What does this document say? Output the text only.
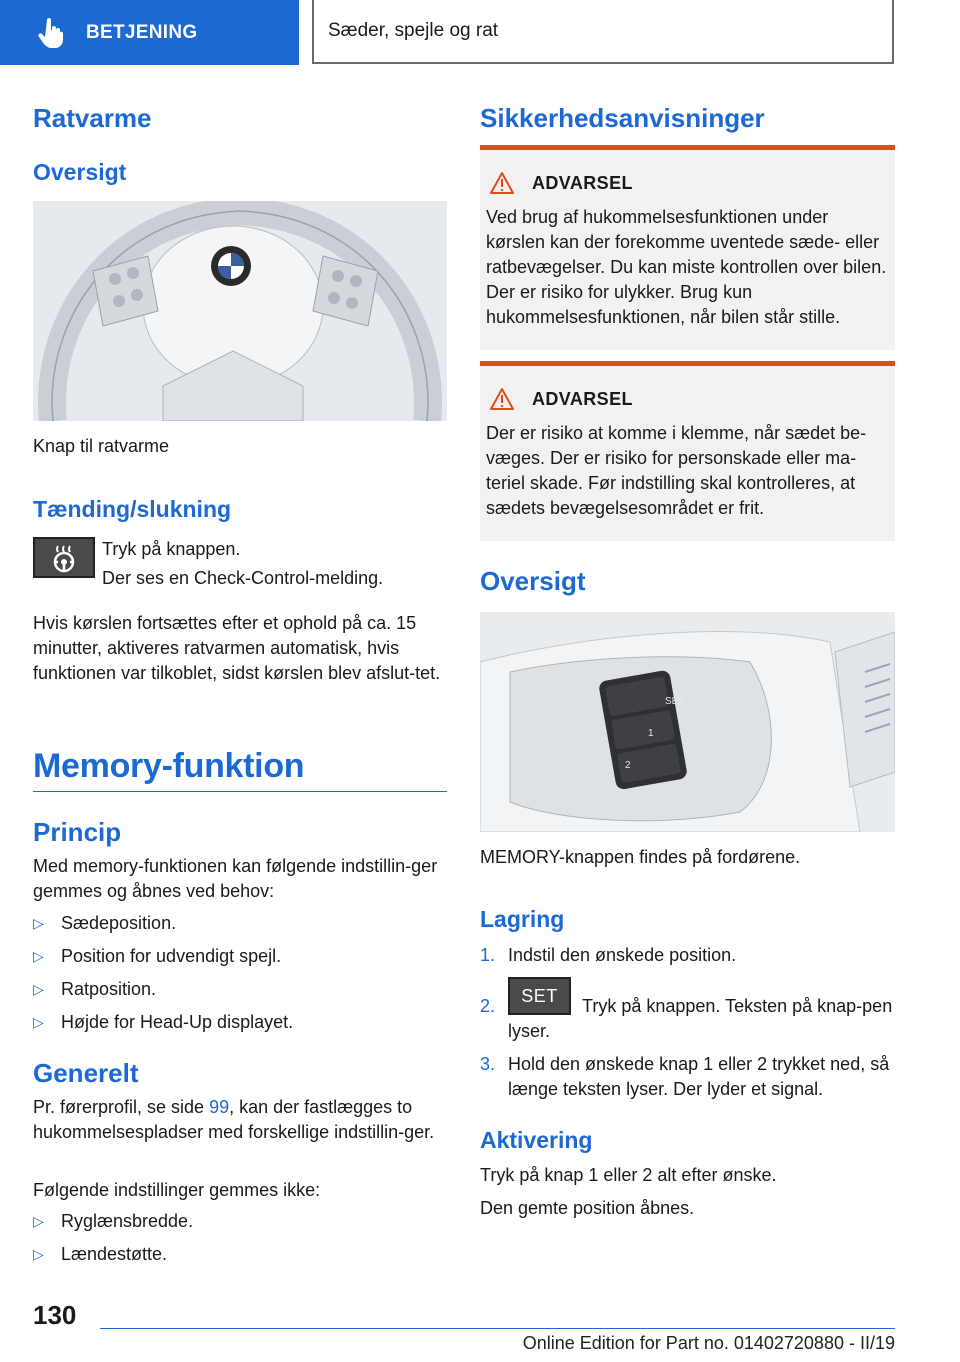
BETJENING	Sæder, spejle og rat
Ratvarme
Oversigt
Knap til ratvarme
Tænding/slukning
Tryk på knappen.
Der ses en Check-Control-melding.
Hvis kørslen fortsættes efter et ophold på ca. 15 minutter, aktiveres ratvarmen automatisk, hvis funktionen var tilkoblet, sidst kørslen blev afslut-tet.
Memory-funktion
Princip
Med memory-funktionen kan følgende indstillin-ger gemmes og åbnes ved behov:
▷ Sædeposition.
▷ Position for udvendigt spejl.
▷ Ratposition.
▷ Højde for Head-Up displayet.
Generelt
Pr. førerprofil, se side 99, kan der fastlægges to hukommelsespladser med forskellige indstillin-ger.
Følgende indstillinger gemmes ikke:
▷ Ryglænsbredde.
▷ Lændestøtte.
Sikkerhedsanvisninger
ADVARSEL
Ved brug af hukommelsesfunktionen under kørslen kan der forekomme uventede sæde- eller ratbevægelser. Du kan miste kontrollen over bilen. Der er risiko for ulykker. Brug kun hukommelsesfunktionen, når bilen står stille.
ADVARSEL
Der er risiko at komme i klemme, når sædet be-væges. Der er risiko for personskade eller ma-teriel skade. Før indstilling skal kontrolleres, at sædets bevægelsesområdet er frit.
Oversigt
SET
1
2
MEMORY-knappen findes på fordørene.
Lagring
1. Indstil den ønskede position.
2.
SET
Tryk på knappen. Teksten på knap-pen lyser.
3. Hold den ønskede knap 1 eller 2 trykket ned, så længe teksten lyser. Der lyder et signal.
Aktivering
Tryk på knap 1 eller 2 alt efter ønske.
Den gemte position åbnes.
130
Online Edition for Part no. 01402720880 - II/19
